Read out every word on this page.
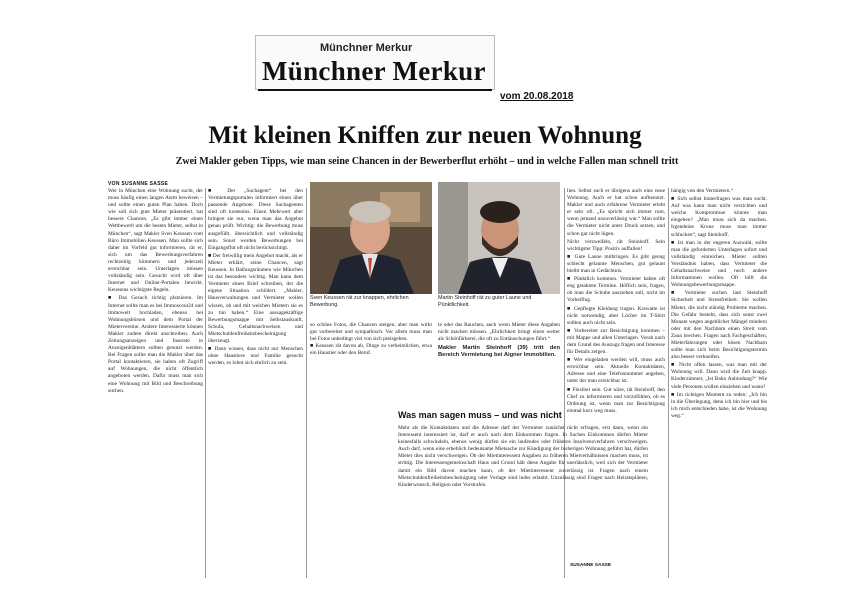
Münchner Merkur
Münchner Merkur
vom 20.08.2018
Mit kleinen Kniffen zur neuen Wohnung
Zwei Makler geben Tipps, wie man seine Chancen in der Bewerberflut erhöht – und in welche Fallen man schnell tritt
VON SUSANNE SASSE

Wer in München eine Wohnung sucht, der muss häufig einen langen Atem beweisen – und sollte einen guten Plan haben. Doch wie soll sich gute Mieter präsentiert, hat bessere Chancen. „Es gibt immer einen Wettbewerb um die besten Mieter, selbst in München“, sagt Makler Sven Keussen vom Büro Immobilien Keussen. Man sollte sich daher im Vorfeld gut informieren, rät er, sich um das Bewerbungsverfahren rechtzeitig kümmern und jederzeit erreichbar sein. Unterlagen müssen vollständig sein. Gesucht wird oft über Internet und Online-Portalen bewirkt. Keussens wichtigste Regeln.

■ Das Gesuch richtig platzieren. Im Internet sollte man es bei Immoscout24 und Immowelt hochladen, ebenso bei Wohnungsbörsen und dem Portal der Mietervereine. Andere Interessierte können Makler zudem direkt anschreiben. Auch Zeitungsanzeigen und Inserate in Anzeigenblättern sollten genutzt werden. Bei Fragen sollte man die Makler über das Portal kontaktieren, sie haben oft Zugriff auf Wohnungen, die nicht öffentlich angeboten werden. Dafür muss man sich eine Wohnung mit Bild und Beschreibung suchen.

■ Der „Suchagent“ bei den Vermietungsportalen informiert einen über passende Angebote. Diese Suchagenten sind oft kostenlos. Einen Mehrwert aber bringen sie nur, wenn man das Angebot genau prüft. Wichtig: die Bewerbung muss ausgefüllt, übersichtlich und vollständig sein. Sonst werden Bewerbungen bei Eingangsflut oft nicht berücksichtigt.

■ Der freiwillig mein Angebot macht, als er Mieter erklärt, seine Chancen, sagt Keussen. In Ballungsräumen wie München ist das besonders wichtig. Man kann dem Vermieter einen Brief schreiben, der die eigene Situation schildert. „Makler, Hausverwaltungen und Vermieter wollen wissen, ob und mit welchen Mietern sie es zu tun haben.“ Eine aussagekräftige Bewerbungsmappe mit Selbstauskunft, Schufa, Gehaltsnachweisen und Mietschuldenfreiheitsbescheinigung überzeugt.

■ Dann wissen, dass nicht nur Menschen ohne Haustiere und Familie gesucht werden, es lohnt sich ehrlich zu sein.

Sven Keussen rät zur knappen, ehrlichen Bewerbung.
Martin Steinhoff rät zu guter Laune und Pünktlichkeit.

so schöne Fotos, die Chancen steigen, aber man wirkt gut vorbereitet und sympathisch. Vor allem muss man bei Fotos unbedingt viel von sich preisgeben.

■ Keussen rät davon ab, Dinge zu verheimlichen, etwa ein Haustier oder den Beruf.

le oder das Rauchen, auch wenn Mieter diese Angaben nicht machen müssen. „Ehrlichkeit bringt einen weiter als Schönfärberei, die oft zu Enttäuschungen führt.“

Makler Martin Steinhoff (39) tritt den Bereich Vermietung bei Aigner Immobilien.

lien. Selbst such er übrigens auch eine neue Wohnung. Auch er hat schon aufbenutzt. Makler und auch erfahrene Vermieter erlebt er sehr oft. „Es spricht sich immer rum, wenn jemand unzuverlässig war.“ Man sollte die Vermieter nicht unter Druck setzen, und schon gar nicht lügen.

Nicht verzweifeln, rät Steinhoff. Sein wichtigster Tipp: Positiv auffallen!

■ Gute Laune mitbringen. Es gibt genug schlecht gelaunte Menschen, gut gelaunt bleibt man in Gedächtnis.

■ Pünktlich kommen. Vermieter haben oft eng getaktete Termine. Höflich sein, fragen, ob man die Schuhe ausziehen soll, nicht im Vorbeiflug.

■ Gepflegte Kleidung tragen. Krawatte ist nicht notwendig, aber Löcher im T-Shirt sollten auch nicht sein.

■ Vorbereitet zur Besichtigung kommen – mit Mappe und allen Unterlagen. Vorab nach dem Grund des Auszugs fragen und Interesse für Details zeigen.

■ Wer eingeladen werden will, muss auch erreichbar sein. Aktuelle Kontaktdaten, Adresse und eine Telefonnummer angeben, unter der man erreichbar ist.

■ Flexibel sein. Gut wäre, rät Steinhoff, den Chef zu informieren und vorzufühlen, ob es Ordnung ist, wenn man zur Besichtigung einmal kurz weg muss.

hängig von den Vermietern.“

■ Sich selbst hinterfragen was man sucht. Auf was kann man nicht verzichten und welche Kompromisse könnte man eingehen? „Man muss sich da machen. Irgendeine Krone muss man immer schlucken“, sagt Steinhoff.

■ Ist man in der engeren Auswahl, sollte man die geforderten Unterlagen sofort und vollständig einreichen. Mieter sollten Verständnis haben, dass Vermieter die Gehaltsnachweise und noch andere Informationen wollen. Oft hilft die Wohnungsbewerbungsmappe.

■ Vermieter suchen laut Steinhoff Sicherheit und Stressfreiheit. Sie wollen Mieter, die nicht ständig Probleme machen. Die Gefahr besteht, dass sich sonst zwei Monate wegen angeblicher Mängel mindern oder mit den Nachbarn einen Streit vom Zaun brechen. Fragen nach Fachgeschäften, Mieterfahrungen oder bösen Nachbarn sollte man sich beim Besichtigungstermin also besser verkneifen.

■ Nicht offen lassen, was man mit der Wohnung will. Dann wird die Zeit knapp. Kinderzimmer, „Ist Bahn Anbindung?“ Wie viele Personen wollen einziehen und wann?

■ Im richtigen Moment zu reden: „Ich bin in die Überlegung, denn ich bin hier und bis ich mich entschieden habe, ist die Wohnung weg.“

Was man sagen muss – und was nicht
Mehr als die Kontaktdaten und die Adresse darf der Vermieter zunächst nicht erfragen, erst dann, wenn ein Interessent interessiert ist, darf er auch nach dem Einkommen fragen. In Sachen Einkommen dürfen Mieter keinesfalls schwindeln, ebenso wenig dürfen sie ein laufendes oder früheres Insolvenzverfahren verschweigen. Auch darf, wenn eine erheblich bedeutsame Mietsache zur Kündigung der bisherigen Wohnung geführt hat, dürfen Mieter dies nicht verschweigen. Ob der Mietinteressent Angaben zu früheren Mietverhältnissen machen muss, ist strittig. Die Interessengemeinschaft Haus und Grund hält diese Angabe für unerlässlich, weil sich der Vermieter damit ein Bild davon machen kann, ob der Mietinteressent zuverlässig ist. Fragen nach einem Mietschuldenfreiheitsbescheinigung oder Vorlage sind indes erlaubt. Unzulässig sind Fragen nach Heiratsplänen, Kinderwunsch, Religion oder Vorstrafen.
SUSANNE SASSE
